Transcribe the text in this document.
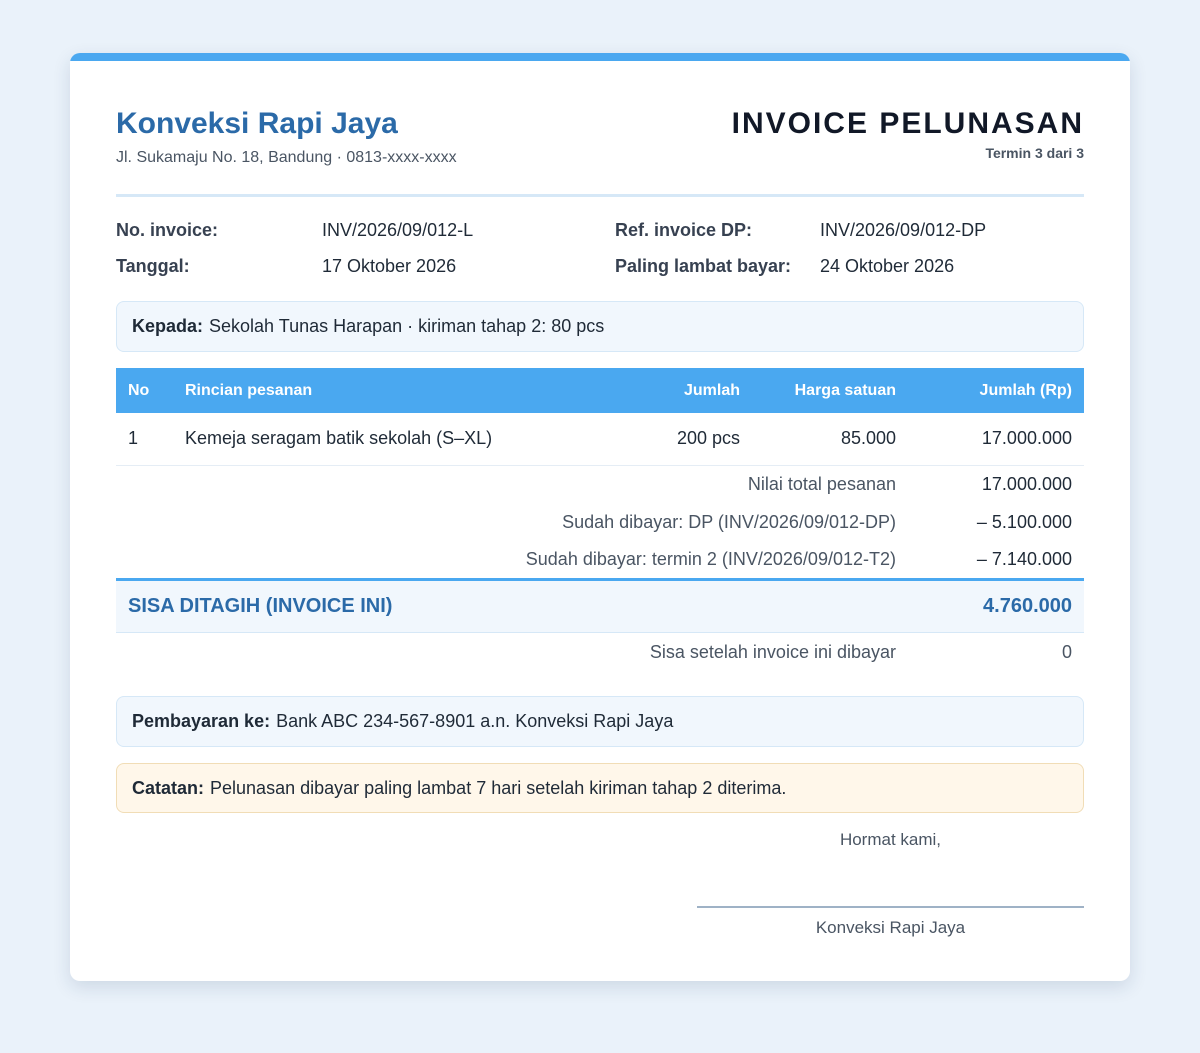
Konveksi Rapi Jaya
Jl. Sukamaju No. 18, Bandung · 0813-xxxx-xxxx
INVOICE PELUNASAN
Termin 3 dari 3
No. invoice:	INV/2026/09/012-L	Ref. invoice DP:	INV/2026/09/012-DP
Tanggal:	17 Oktober 2026	Paling lambat bayar:	24 Oktober 2026
Kepada: Sekolah Tunas Harapan · kiriman tahap 2: 80 pcs
No	Rincian pesanan	Jumlah	Harga satuan	Jumlah (Rp)
1	Kemeja seragam batik sekolah (S–XL)	200 pcs	85.000	17.000.000
Nilai total pesanan				17.000.000
Sudah dibayar: DP (INV/2026/09/012-DP)				– 5.100.000
Sudah dibayar: termin 2 (INV/2026/09/012-T2)				– 7.140.000
SISA DITAGIH (INVOICE INI)				4.760.000
Sisa setelah invoice ini dibayar				0
Pembayaran ke: Bank ABC 234-567-8901 a.n. Konveksi Rapi Jaya
Catatan: Pelunasan dibayar paling lambat 7 hari setelah kiriman tahap 2 diterima.
Hormat kami,
Konveksi Rapi Jaya
